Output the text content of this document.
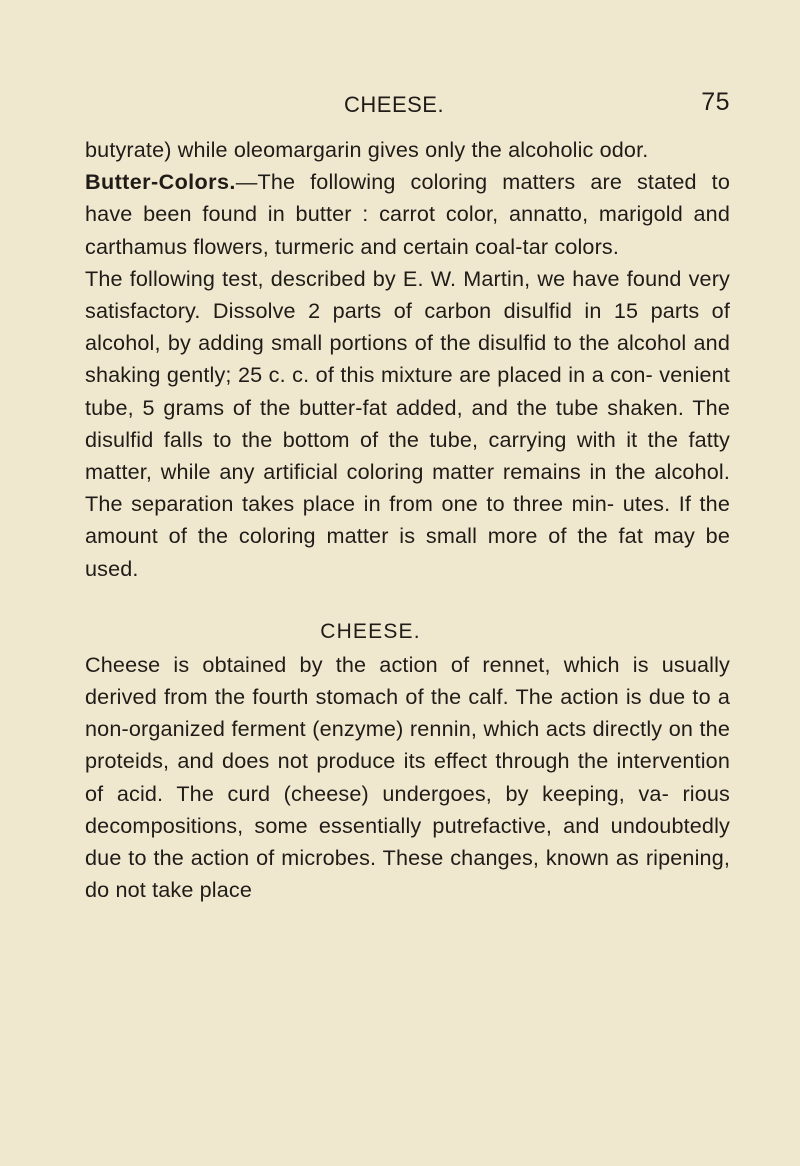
CHEESE.	75

butyrate) while oleomargarin gives only the alcoholic odor.

Butter-Colors.—The following coloring matters are stated to have been found in butter : carrot color, annatto, marigold and carthamus flowers, turmeric and certain coal-tar colors.

The following test, described by E. W. Martin, we have found very satisfactory. Dissolve 2 parts of carbon disulfid in 15 parts of alcohol, by adding small portions of the disulfid to the alcohol and shaking gently; 25 c. c. of this mixture are placed in a con- venient tube, 5 grams of the butter-fat added, and the tube shaken. The disulfid falls to the bottom of the tube, carrying with it the fatty matter, while any artificial coloring matter remains in the alcohol. The separation takes place in from one to three min- utes. If the amount of the coloring matter is small more of the fat may be used.

CHEESE.

Cheese is obtained by the action of rennet, which is usually derived from the fourth stomach of the calf. The action is due to a non-organized ferment (enzyme) rennin, which acts directly on the proteids, and does not produce its effect through the intervention of acid. The curd (cheese) undergoes, by keeping, va- rious decompositions, some essentially putrefactive, and undoubtedly due to the action of microbes. These changes, known as ripening, do not take place
